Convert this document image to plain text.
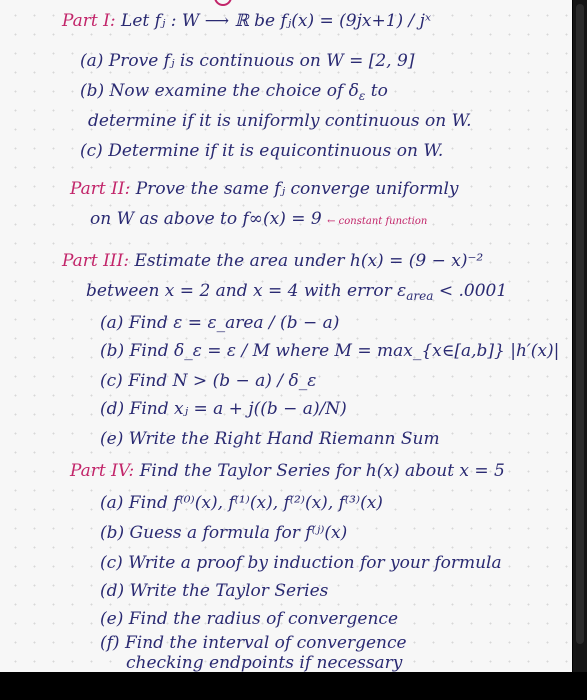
Part I: Let fⱼ : W ⟶ ℝ be fⱼ(x) = (9jx+1) / jˣ

(a) Prove fⱼ is continuous on W = [2, 9]

(b) Now examine the choice of $\delta_\varepsilon$ to

determine if it is uniformly continuous on W.

(c) Determine if it is equicontinuous on W.

Part II: Prove the same fⱼ converge uniformly

on W as above to f∞(x) = 9 ← constant function

Part III: Estimate the area under h(x) = (9 − x)⁻²

between x = 2 and x = 4 with error $\varepsilon_{area} < .0001$

(a) Find ε = ε_area / (b − a)

(b) Find δ_ε = ε / M where M = max_{x∈[a,b]} |h′(x)|

(c) Find N > (b − a) / δ_ε

(d) Find xⱼ = a + j((b − a)/N)

(e) Write the Right Hand Riemann Sum

Part IV: Find the Taylor Series for h(x) about x = 5

(a) Find f⁽⁰⁾(x), f⁽¹⁾(x), f⁽²⁾(x), f⁽³⁾(x)

(b) Guess a formula for f⁽ʲ⁾(x)

(c) Write a proof by induction for your formula

(d) Write the Taylor Series

(e) Find the radius of convergence

(f) Find the interval of convergence

checking endpoints if necessary
